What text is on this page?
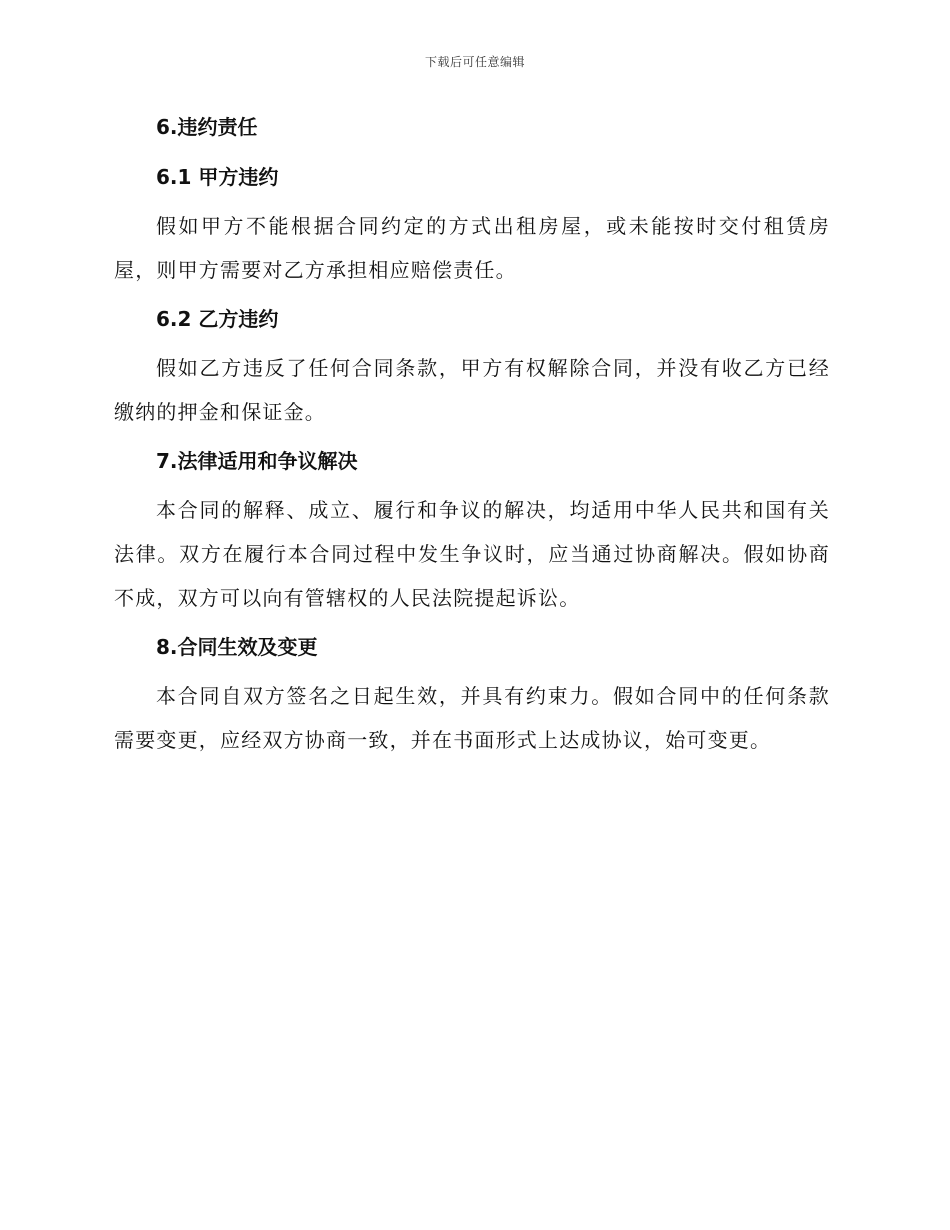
下载后可任意编辑

6.违约责任

6.1 甲方违约

假如甲方不能根据合同约定的方式出租房屋，或未能按时交付租赁房屋，则甲方需要对乙方承担相应赔偿责任。

6.2 乙方违约

假如乙方违反了任何合同条款，甲方有权解除合同，并没有收乙方已经缴纳的押金和保证金。

7.法律适用和争议解决

本合同的解释、成立、履行和争议的解决，均适用中华人民共和国有关法律。双方在履行本合同过程中发生争议时，应当通过协商解决。假如协商不成，双方可以向有管辖权的人民法院提起诉讼。

8.合同生效及变更

本合同自双方签名之日起生效，并具有约束力。假如合同中的任何条款需要变更，应经双方协商一致，并在书面形式上达成协议，始可变更。
